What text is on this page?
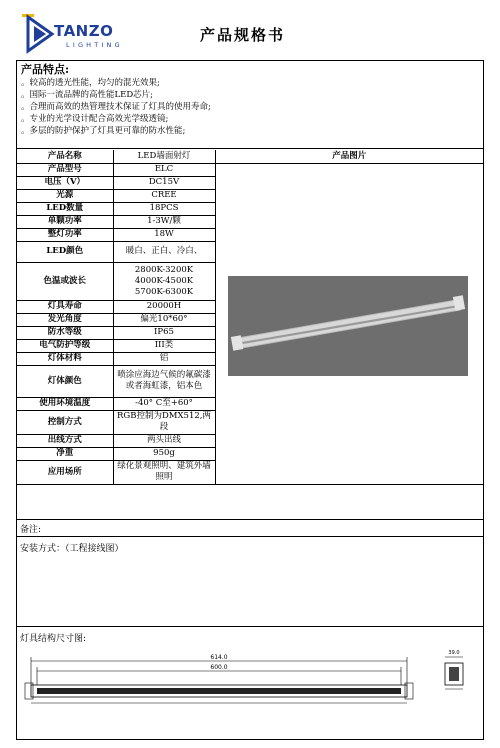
TANZO
LIGHTING
产品规格书
产品特点:
。较高的透光性能，均匀的混光效果;
。国际一流品牌的高性能LED芯片;
。合理而高效的热管理技术保证了灯具的使用寿命;
。专业的光学设计配合高效光学级透镜;
。多层的防护保护了灯具更可靠的防水性能;
产品名称	LED墙面射灯	产品图片
产品型号	ELC	

电压（V）	DC15V	
光源	CREE	
LED数量	18PCS	
单颗功率	1-3W/颗	
整灯功率	18W	
LED颜色	暖白、正白、冷白、	
色温或波长	2800K-3200K
4000K-4500K
5700K-6300K	
灯具寿命	20000H	
发光角度	偏光10*60°	
防水等级	IP65	
电气防护等级	III类	
灯体材料	铝	
灯体颜色	喷涂应海边气候的氟碳漆或者海虹漆，铝本色	
使用环境温度	-40° C至+60°	
控制方式	RGB控制为DMX512,两段	
出线方式	两头出线	
净重	950g	
应用场所	绿化景观照明、建筑外墙照明	
备注:
安装方式：（工程接线图）
灯具结构尺寸图:
614.0
600.0
39.0
